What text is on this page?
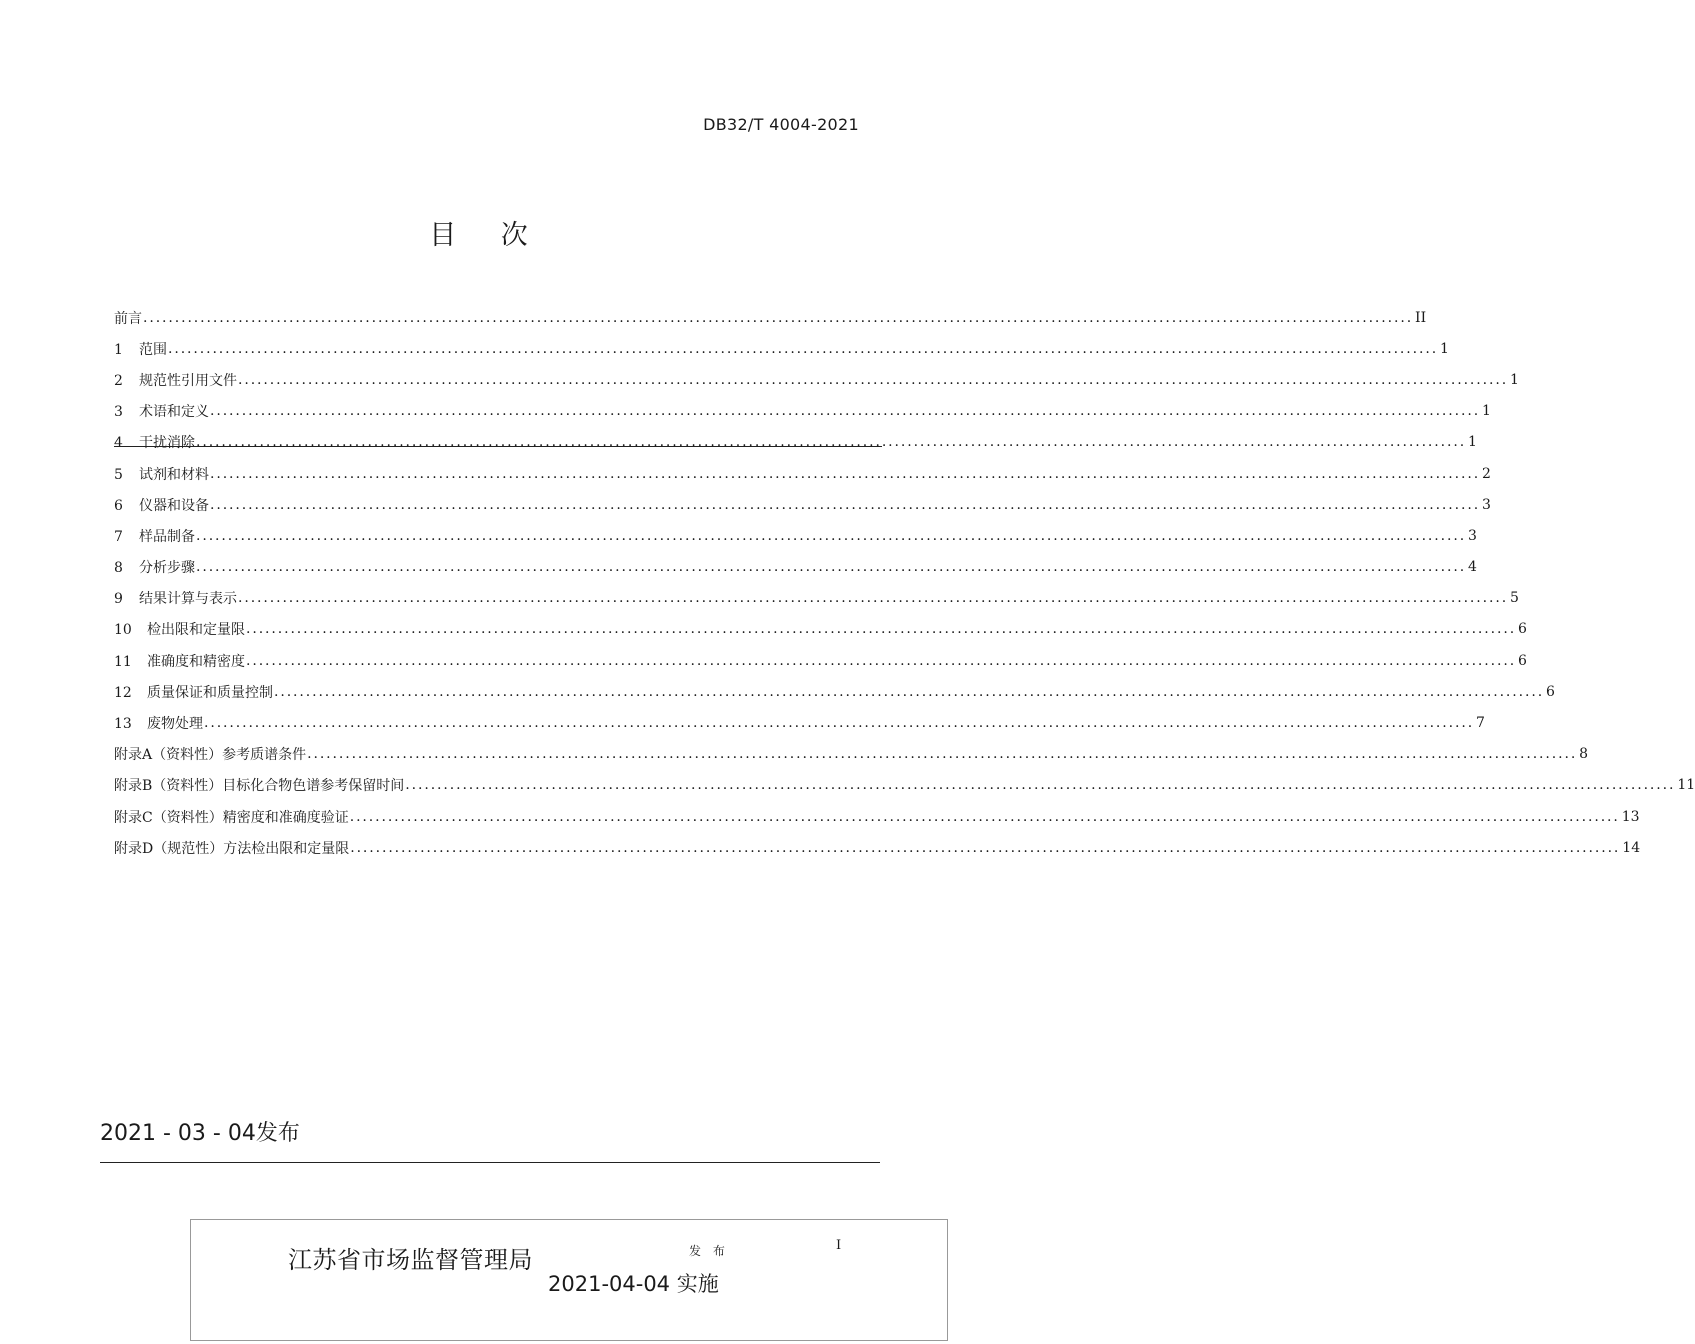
DB32/T 4004-2021
目 次
前言 ........................................................................................................................................................................................................ II
1 范围 ........................................................................................................................................................................................................ 1
2 规范性引用文件 ........................................................................................................................................................................................................ 1
3 术语和定义 ........................................................................................................................................................................................................ 1
4 干扰消除 ........................................................................................................................................................................................................ 1
5 试剂和材料 ........................................................................................................................................................................................................ 2
6 仪器和设备 ........................................................................................................................................................................................................ 3
7 样品制备 ........................................................................................................................................................................................................ 3
8 分析步骤 ........................................................................................................................................................................................................ 4
9 结果计算与表示 ........................................................................................................................................................................................................ 5
10 检出限和定量限 ........................................................................................................................................................................................................ 6
11 准确度和精密度 ........................................................................................................................................................................................................ 6
12 质量保证和质量控制 ........................................................................................................................................................................................................ 6
13 废物处理 ........................................................................................................................................................................................................ 7
附录A（资料性）参考质谱条件 ........................................................................................................................................................................................................ 8
附录B（资料性）目标化合物色谱参考保留时间 ........................................................................................................................................................................................................ 11
附录C（资料性）精密度和准确度验证 ........................................................................................................................................................................................................ 13
附录D（规范性）方法检出限和定量限 ........................................................................................................................................................................................................ 14
2021 - 03 - 04发布
江苏省市场监督管理局	发 布
2021-04-04 实施
I
